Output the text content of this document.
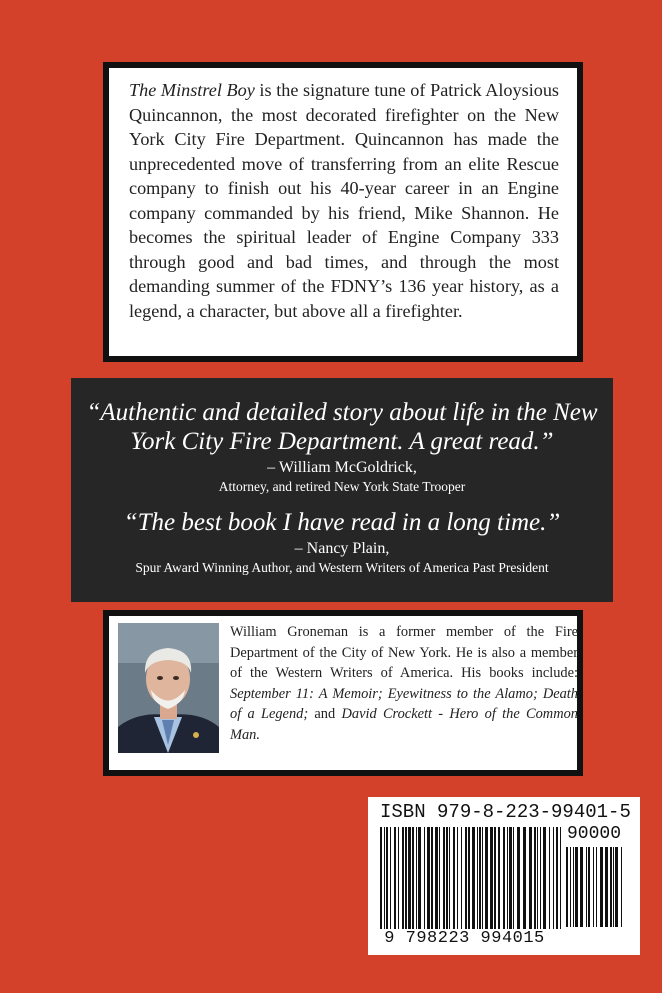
The Minstrel Boy is the signature tune of Patrick Aloysious Quincannon, the most decorated firefighter on the New York City Fire Department. Quincannon has made the unprecedented move of transferring from an elite Rescue company to finish out his 40-year career in an Engine company commanded by his friend, Mike Shannon. He becomes the spiritual leader of Engine Company 333 through good and bad times, and through the most demanding summer of the FDNY’s 136 year history, as a legend, a character, but above all a firefighter.

“Authentic and detailed story about life in the New York City Fire Department. A great read.”

– William McGoldrick,
Attorney, and retired New York State Trooper

“The best book I have read in a long time.”

– Nancy Plain,
Spur Award Winning Author, and Western Writers of America Past President
William Groneman is a former member of the Fire Department of the City of New York. He is also a member of the Western Writers of America. His books include: September 11: A Memoir; Eyewitness to the Alamo; Death of a Legend; and David Crockett - Hero of the Common Man.
ISBN 979-8-223-99401-5
90000
9 798223 994015
